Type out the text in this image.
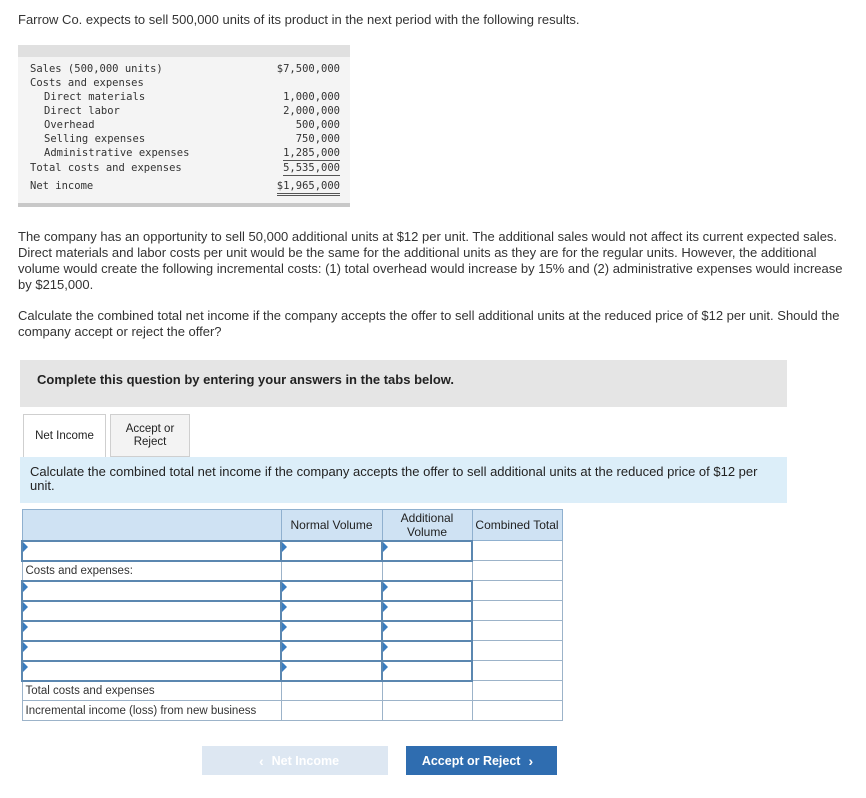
Farrow Co. expects to sell 500,000 units of its product in the next period with the following results.
Sales (500,000 units)	$7,500,000
Costs and expenses
Direct materials	1,000,000
Direct labor	2,000,000
Overhead	500,000
Selling expenses	750,000
Administrative expenses	1,285,000
Total costs and expenses	5,535,000
Net income	$1,965,000
The company has an opportunity to sell 50,000 additional units at $12 per unit. The additional sales would not affect its current expected sales. Direct materials and labor costs per unit would be the same for the additional units as they are for the regular units. However, the additional volume would create the following incremental costs: (1) total overhead would increase by 15% and (2) administrative expenses would increase by $215,000.
Calculate the combined total net income if the company accepts the offer to sell additional units at the reduced price of $12 per unit. Should the company accept or reject the offer?
Complete this question by entering your answers in the tabs below.
Net Income
Accept or Reject
Calculate the combined total net income if the company accepts the offer to sell additional units at the reduced price of $12 per unit.
	Normal Volume	Additional Volume	Combined Total

Costs and expenses:			

Total costs and expenses			
Incremental income (loss) from new business			
‹ Net Income	Accept or Reject ›
